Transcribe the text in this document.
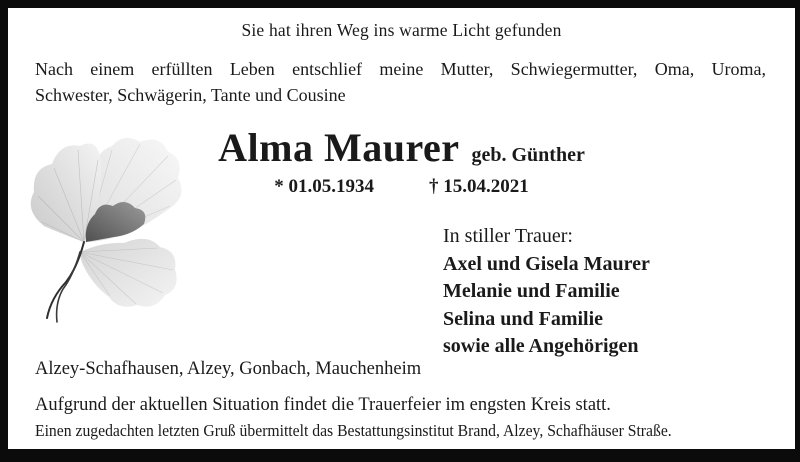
Sie hat ihren Weg ins warme Licht gefunden
Nach einem erfüllten Leben entschlief meine Mutter, Schwiegermutter, Oma, Uroma,
Schwester, Schwägerin, Tante und Cousine
Alma Maurer geb. Günther
* 01.05.1934	† 15.04.2021
In stiller Trauer:
Axel und Gisela Maurer
Melanie und Familie
Selina und Familie
sowie alle Angehörigen
Alzey-Schafhausen, Alzey, Gonbach, Mauchenheim
Aufgrund der aktuellen Situation findet die Trauerfeier im engsten Kreis statt.
Einen zugedachten letzten Gruß übermittelt das Bestattungsinstitut Brand, Alzey, Schafhäuser Straße.
